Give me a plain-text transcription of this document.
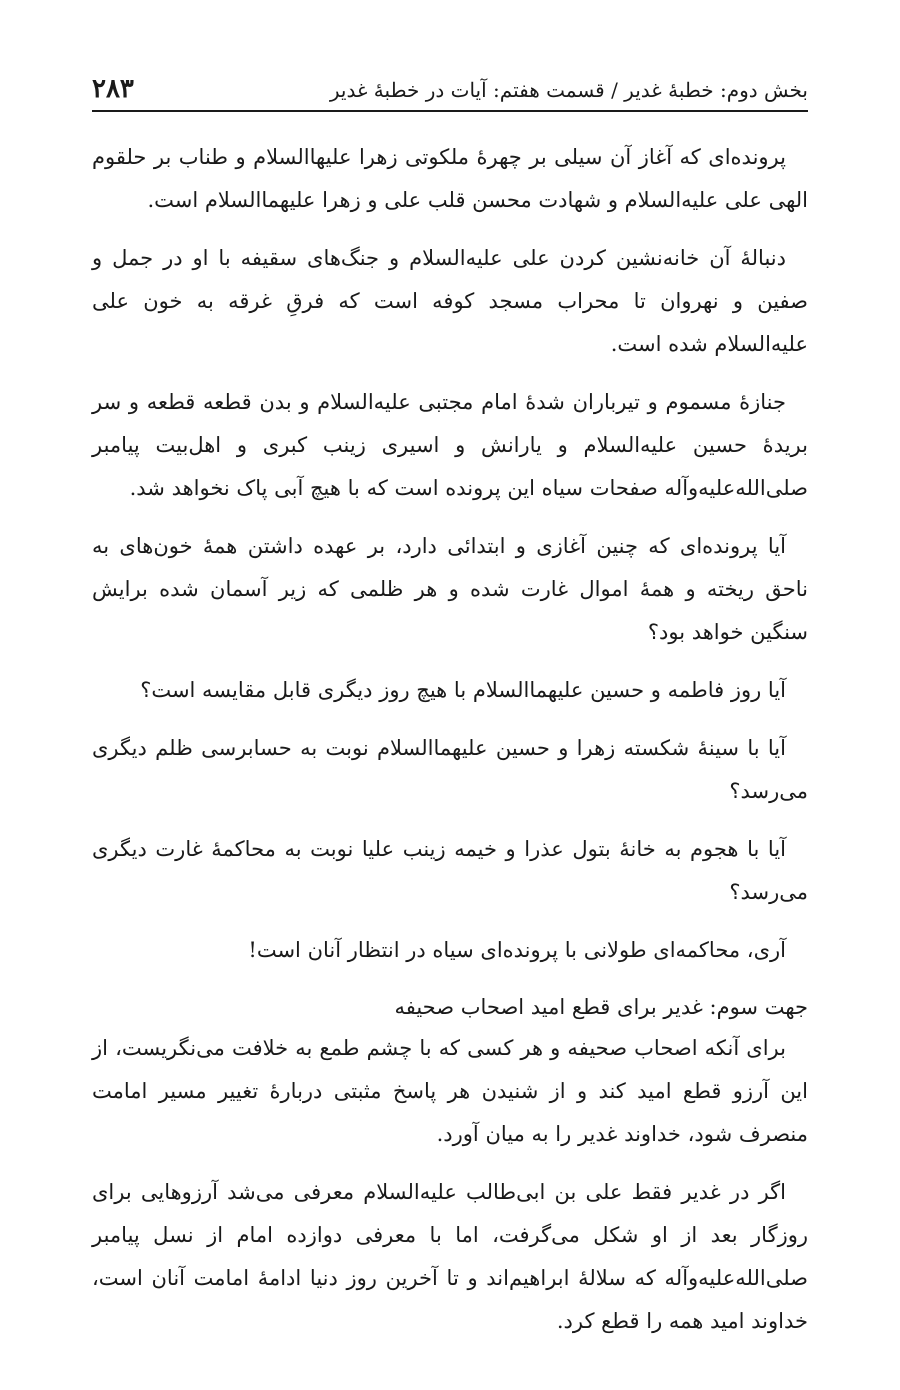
بخش دوم: خطبهٔ غدیر / قسمت هفتم: آیات در خطبهٔ غدیر
۲۸۳

پرونده‌ای که آغاز آن سیلی بر چهرهٔ ملکوتی زهرا علیهاالسلام و طناب بر حلقوم الهی علی علیه‌السلام و شهادت محسن قلب علی و زهرا علیهماالسلام است.

دنبالهٔ آن خانه‌نشین کردن علی علیه‌السلام و جنگ‌های سقیفه با او در جمل و صفین و نهروان تا محراب مسجد کوفه است که فرقِ غرقه به خون علی علیه‌السلام شده است.

جنازهٔ مسموم و تیرباران شدهٔ امام مجتبی علیه‌السلام و بدن قطعه قطعه و سر بریدهٔ حسین علیه‌السلام و یارانش و اسیری زینب کبری و اهل‌بیت پیامبر صلی‌الله‌علیه‌وآله صفحات سیاه این پرونده است که با هیچ آبی پاک نخواهد شد.

آیا پرونده‌ای که چنین آغازی و ابتدائی دارد، بر عهده داشتن همهٔ خون‌های به ناحق ریخته و همهٔ اموال غارت شده و هر ظلمی که زیر آسمان شده برایش سنگین خواهد بود؟

آیا روز فاطمه و حسین علیهماالسلام با هیچ روز دیگری قابل مقایسه است؟

آیا با سینهٔ شکسته زهرا و حسین علیهماالسلام نوبت به حسابرسی ظلم دیگری می‌رسد؟

آیا با هجوم به خانهٔ بتول عذرا و خیمه زینب علیا نوبت به محاکمهٔ غارت دیگری می‌رسد؟

آری، محاکمه‌ای طولانی با پرونده‌ای سیاه در انتظار آنان است!

جهت سوم: غدیر برای قطع امید اصحاب صحیفه

برای آنکه اصحاب صحیفه و هر کسی که با چشم طمع به خلافت می‌نگریست، از این آرزو قطع امید کند و از شنیدن هر پاسخ مثبتی دربارهٔ تغییر مسیر امامت منصرف شود، خداوند غدیر را به میان آورد.

اگر در غدیر فقط علی بن ابی‌طالب علیه‌السلام معرفی می‌شد آرزوهایی برای روزگار بعد از او شکل می‌گرفت، اما با معرفی دوازده امام از نسل پیامبر صلی‌الله‌علیه‌وآله که سلالهٔ ابراهیم‌اند و تا آخرین روز دنیا ادامهٔ امامت آنان است، خداوند امید همه را قطع کرد.
